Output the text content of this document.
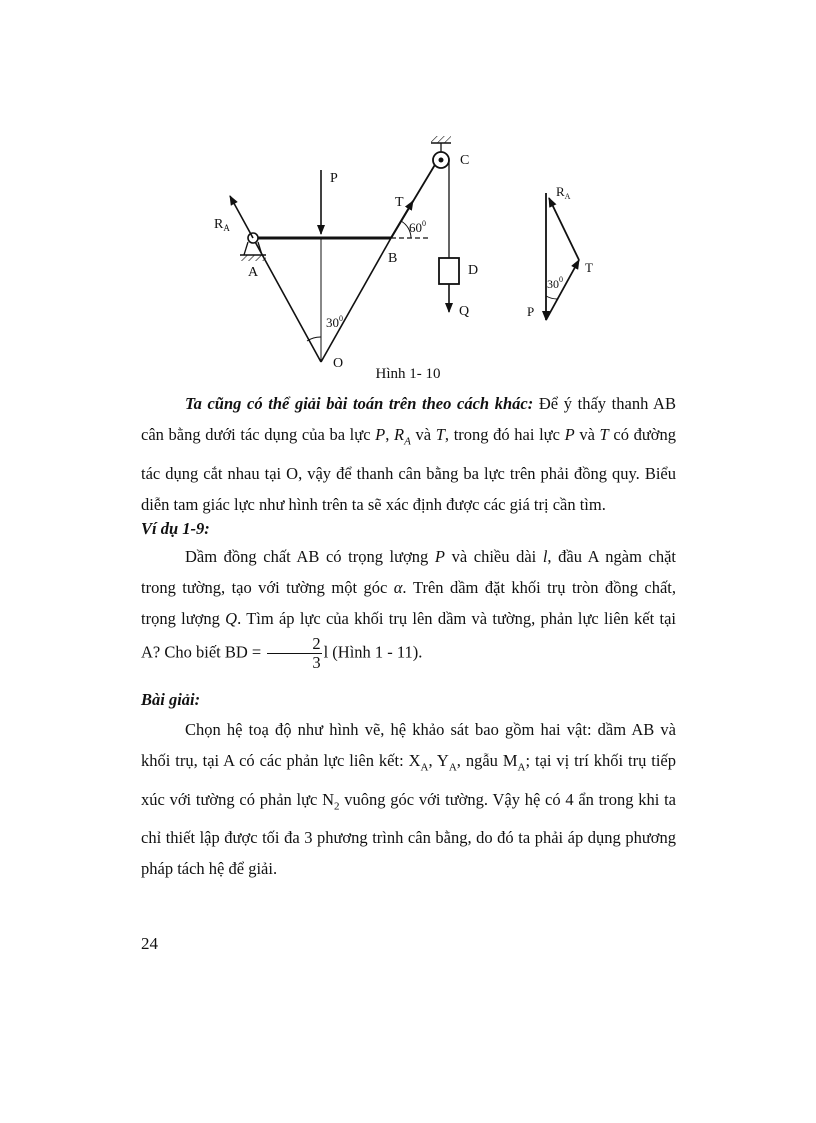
P
$R_A$
T
C
A
B
D
Q
O
$60^0$
$30^0$
$R_A$
T
P
$30^0$
Hình 1- 10
Ta cũng có thể giải bài toán trên theo cách khác: Để ý thấy thanh AB cân bằng dưới tác dụng của ba lực P, $R_A$ và T, trong đó hai lực P và T có đường tác dụng cắt nhau tại O, vậy để thanh cân bằng ba lực trên phải đồng quy. Biểu diễn tam giác lực như hình trên ta sẽ xác định được các giá trị cần tìm.
Ví dụ 1-9:
Dầm đồng chất AB có trọng lượng P và chiều dài l, đầu A ngàm chặt trong tường, tạo với tường một góc α. Trên dầm đặt khối trụ tròn đồng chất, trọng lượng Q. Tìm áp lực của khối trụ lên dầm và tường, phản lực liên kết tại A? Cho biết BD = $\frac{2}{3}$ l (Hình 1 - 11).
Bài giải:
Chọn hệ toạ độ như hình vẽ, hệ khảo sát bao gồm hai vật: dầm AB và khối trụ, tại A có các phản lực liên kết: $X_A$, $Y_A$, ngẫu $M_A$; tại vị trí khối trụ tiếp xúc với tường có phản lực $N_2$ vuông góc với tường. Vậy hệ có 4 ẩn trong khi ta chỉ thiết lập được tối đa 3 phương trình cân bằng, do đó ta phải áp dụng phương pháp tách hệ để giải.
24
